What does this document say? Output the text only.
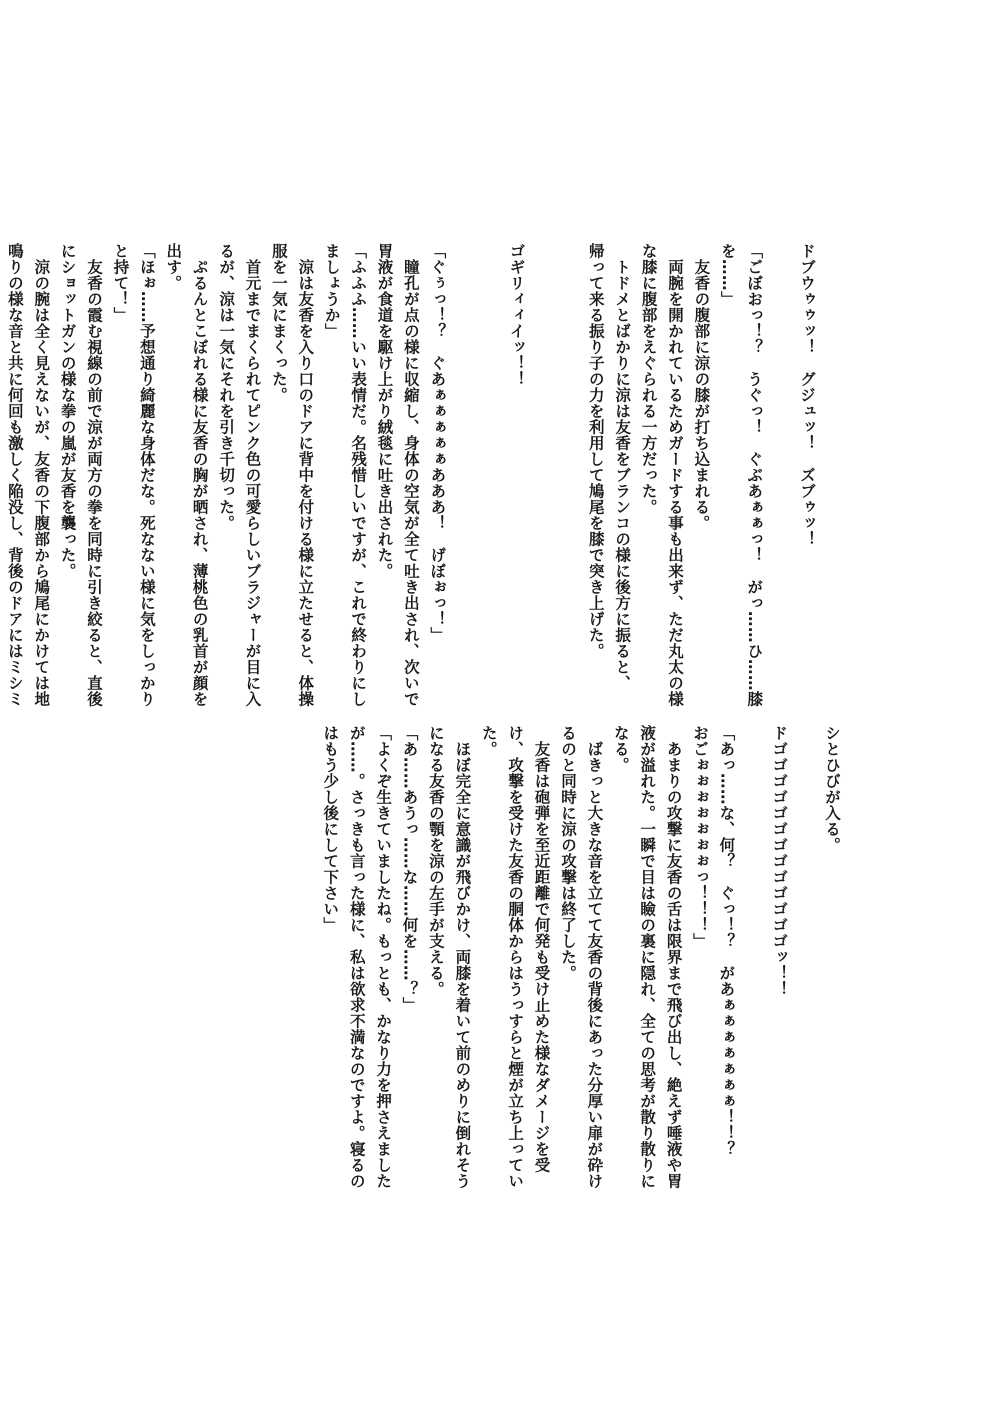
ドブウゥゥッ！　グジュッ！　ズブゥッ！

「ごぼおっ！？　うぐっ！　ぐぶあぁぁっ！　がっ……ひ……膝

を……」

　友香の腹部に涼の膝が打ち込まれる。

　両腕を開かれているためガードする事も出来ず、ただ丸太の様

な膝に腹部をえぐられる一方だった。

　トドメとばかりに涼は友香をブランコの様に後方に振ると、

帰って来る振り子の力を利用して鳩尾を膝で突き上げた。

ゴギリィィイッ！！

「ぐぅっ！？　ぐあぁぁぁぁぁあああ！　げぼぉっ！」

　瞳孔が点の様に収縮し、身体の空気が全て吐き出され、次いで

胃液が食道を駆け上がり絨毯に吐き出された。

「ふふふ……いい表情だ。名残惜しいですが、これで終わりにし

ましょうか」

　涼は友香を入り口のドアに背中を付ける様に立たせると、体操

服を一気にまくった。

　首元までまくられてピンク色の可愛らしいブラジャーが目に入

るが、涼は一気にそれを引き千切った。

　ぷるんとこぼれる様に友香の胸が晒され、薄桃色の乳首が顔を

出す。

「ほぉ……予想通り綺麗な身体だな。死なない様に気をしっかり

と持て！」

　友香の霞む視線の前で涼が両方の拳を同時に引き絞ると、直後

にショットガンの様な拳の嵐が友香を襲った。

　涼の腕は全く見えないが、友香の下腹部から鳩尾にかけては地

鳴りの様な音と共に何回も激しく陥没し、背後のドアにはミシミ

シとひびが入る。

ドゴゴゴゴゴゴゴゴゴゴゴゴゴッ！！

「あっ……な、何？　ぐっ！？　があぁぁぁぁぁぁぁ！！？

おごぉぉぉぉぉぉぉっ！！！」

　あまりの攻撃に友香の舌は限界まで飛び出し、絶えず唾液や胃

液が溢れた。一瞬で目は瞼の裏に隠れ、全ての思考が散り散りに

なる。

　ばきっと大きな音を立てて友香の背後にあった分厚い扉が砕け

るのと同時に涼の攻撃は終了した。

　友香は砲弾を至近距離で何発も受け止めた様なダメージを受

け、攻撃を受けた友香の胴体からはうっすらと煙が立ち上ってい

た。

　ほぼ完全に意識が飛びかけ、両膝を着いて前のめりに倒れそう

になる友香の顎を涼の左手が支える。

「あ……あうっ……な……何を……？」

「よくぞ生きていましたね。もっとも、かなり力を押さえました

が……。さっきも言った様に、私は欲求不満なのですよ。寝るの

はもう少し後にして下さい」
